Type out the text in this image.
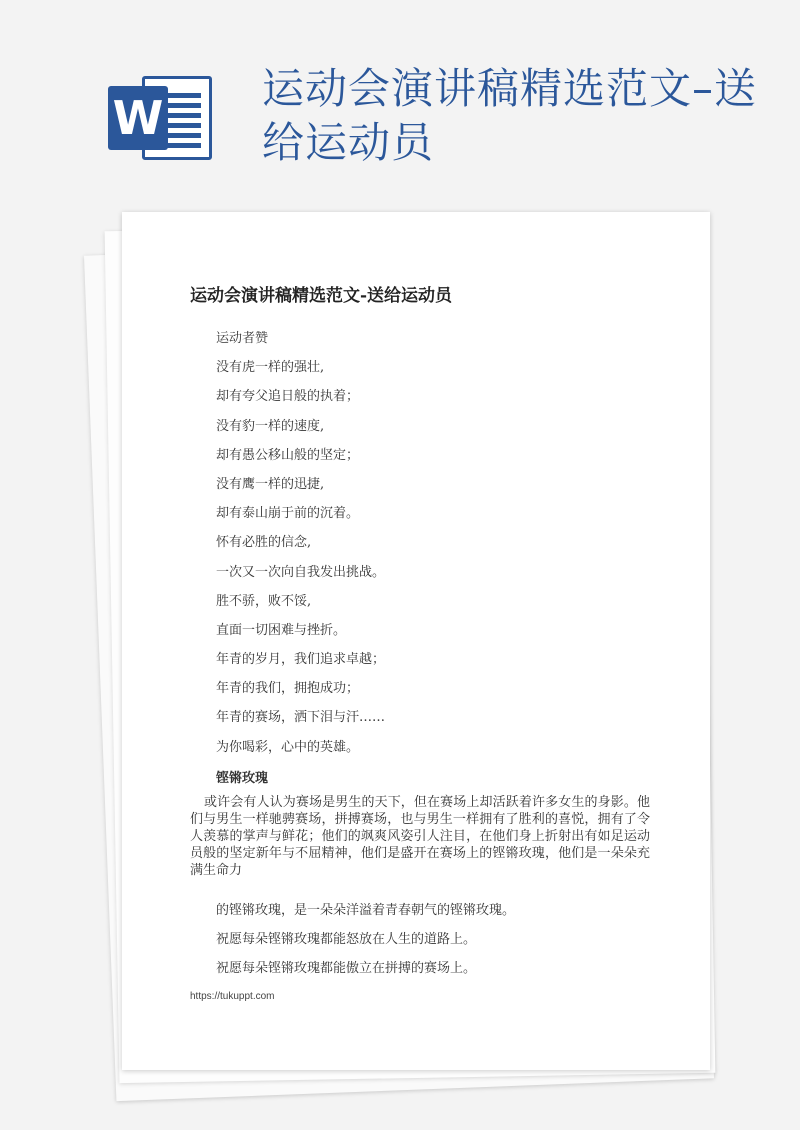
W
运动会演讲稿精选范文–送给运动员
运动会演讲稿精选范文-送给运动员
运动者赞
没有虎一样的强壮,
却有夸父追日般的执着；
没有豹一样的速度,
却有愚公移山般的坚定；
没有鹰一样的迅捷,
却有泰山崩于前的沉着。
怀有必胜的信念,
一次又一次向自我发出挑战。
胜不骄，败不馁,
直面一切困难与挫折。
年青的岁月，我们追求卓越；
年青的我们，拥抱成功；
年青的赛场，洒下泪与汗……
为你喝彩，心中的英雄。
铿锵玫瑰

或许会有人认为赛场是男生的天下，但在赛场上却活跃着许多女生的身影。他们与男生一样驰骋赛场，拼搏赛场，也与男生一样拥有了胜利的喜悦，拥有了令人羡慕的掌声与鲜花；他们的飒爽风姿引人注目，在他们身上折射出有如足运动员般的坚定新年与不屈精神，他们是盛开在赛场上的铿锵玫瑰，他们是一朵朵充满生命力

的铿锵玫瑰，是一朵朵洋溢着青春朝气的铿锵玫瑰。
祝愿每朵铿锵玫瑰都能怒放在人生的道路上。
祝愿每朵铿锵玫瑰都能傲立在拼搏的赛场上。

https://tukuppt.com
